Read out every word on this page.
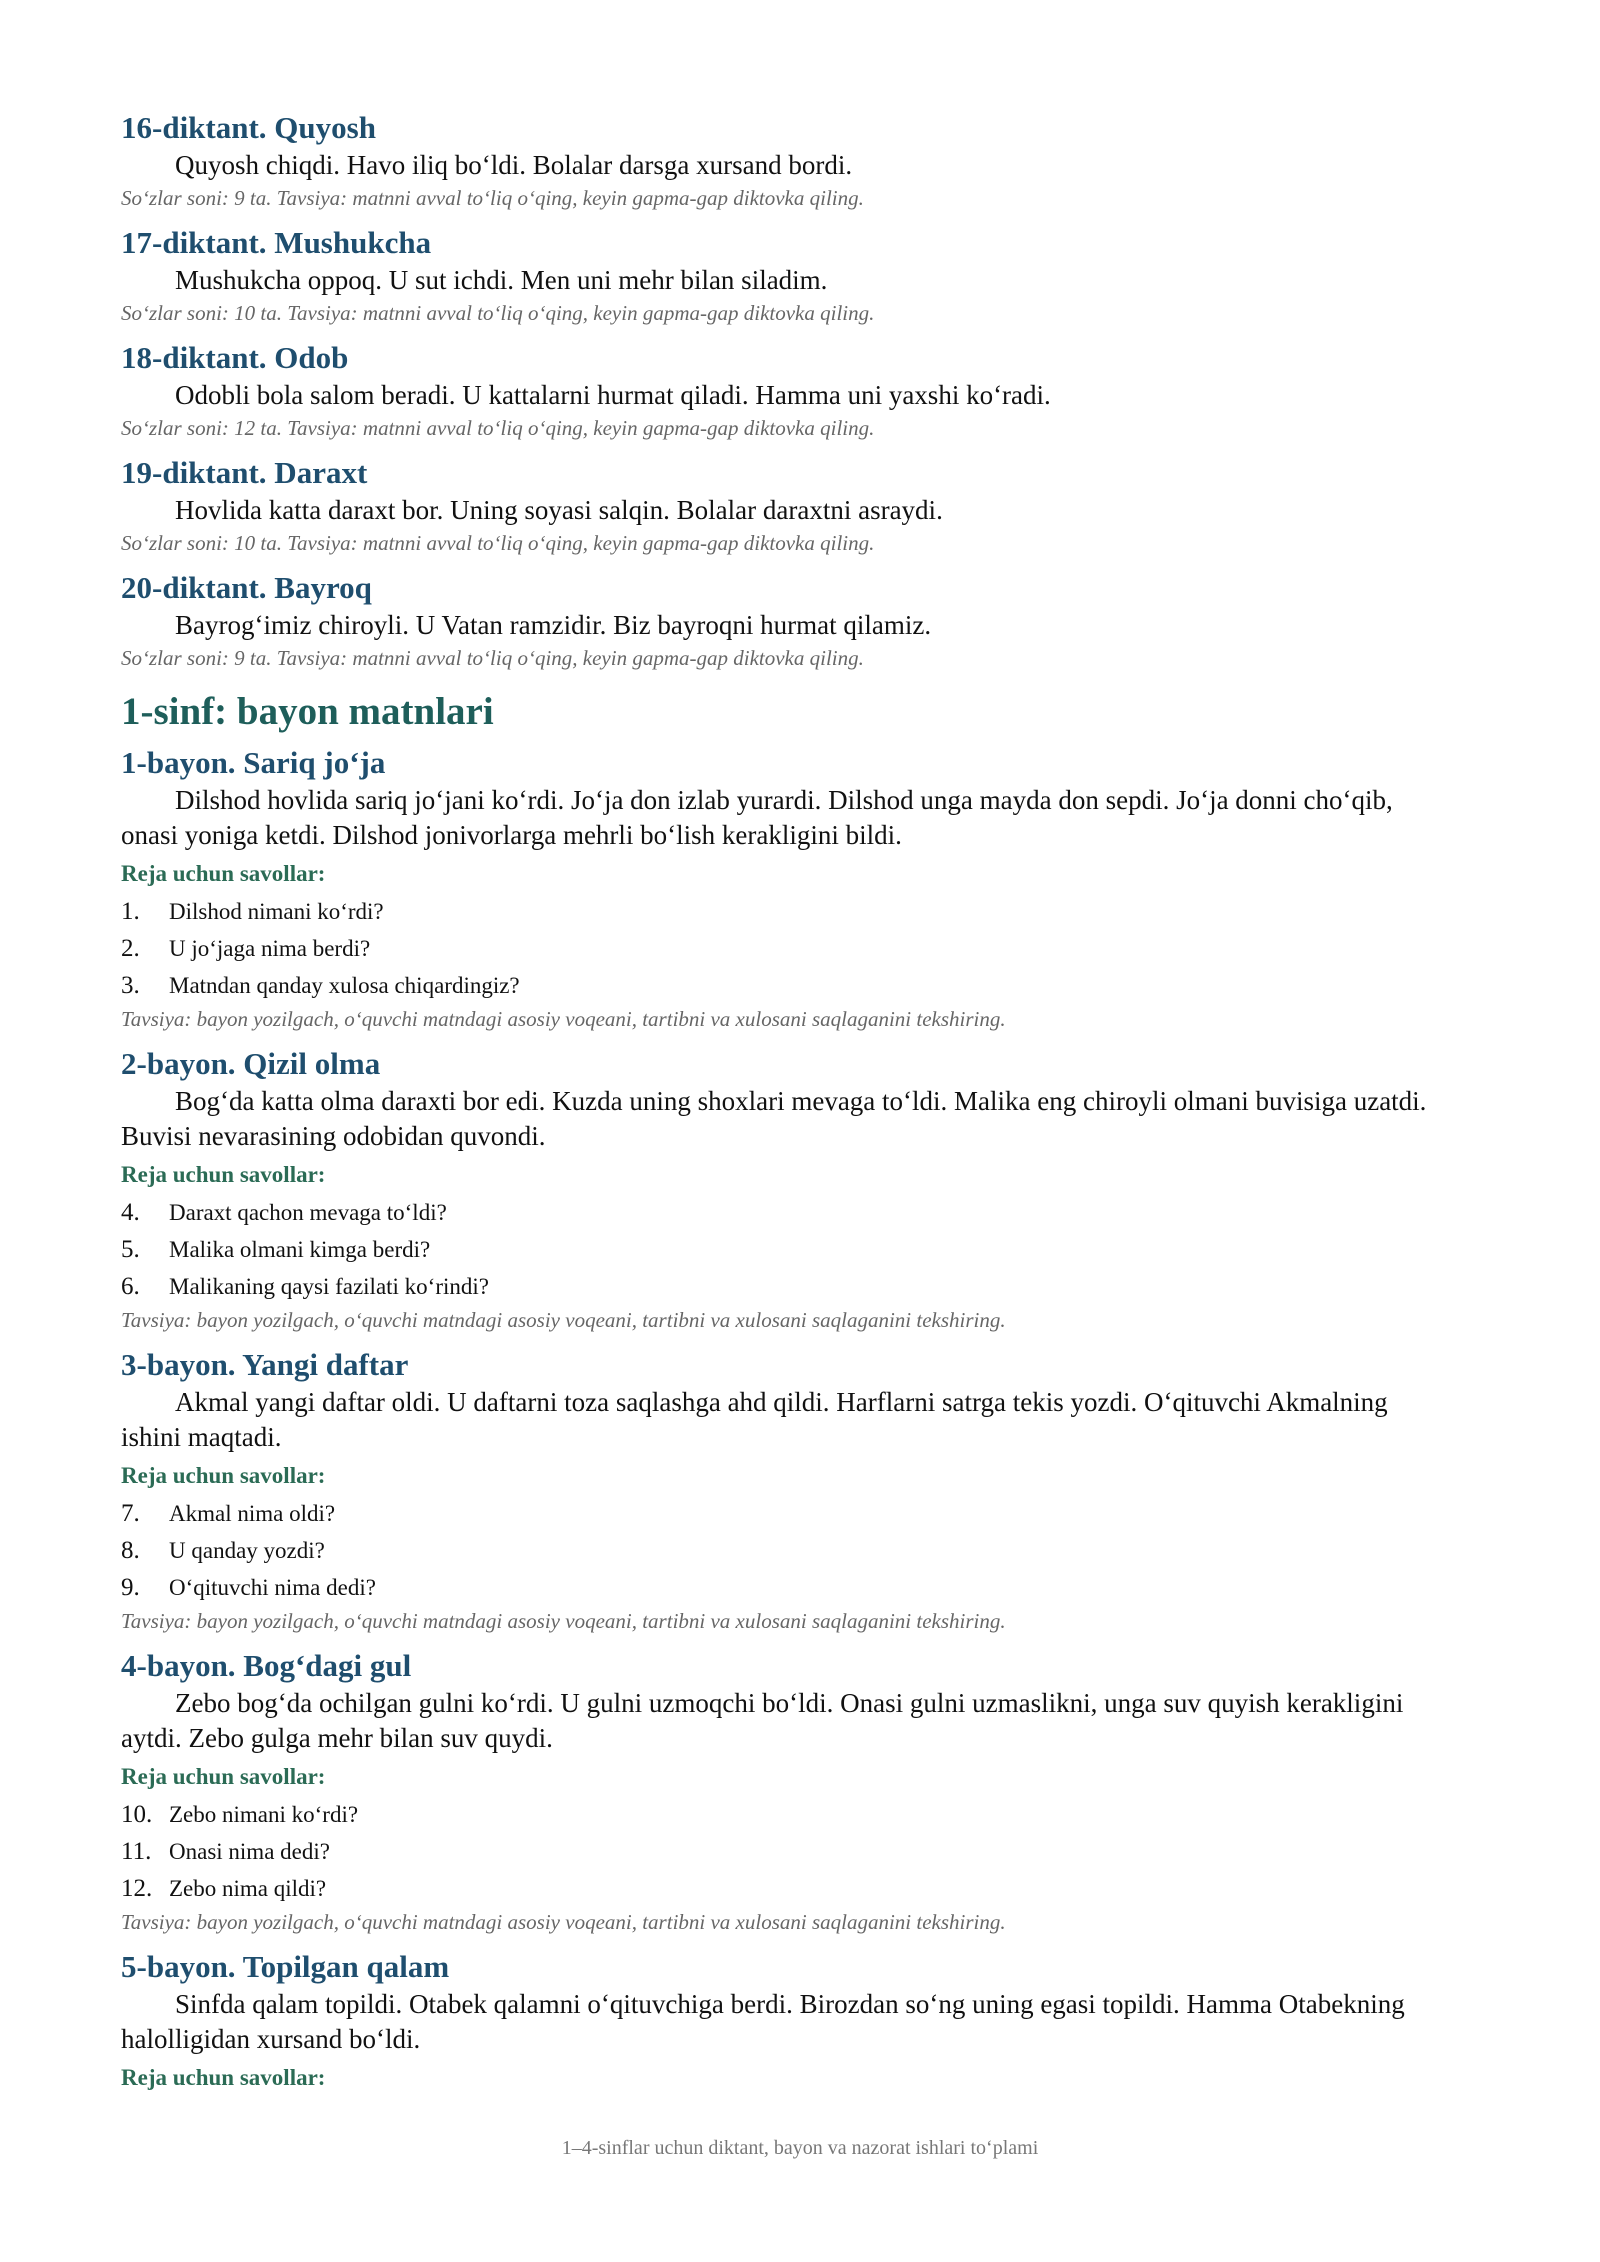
16-diktant. Quyosh

Quyosh chiqdi. Havo iliq bo‘ldi. Bolalar darsga xursand bordi.

So‘zlar soni: 9 ta. Tavsiya: matnni avval to‘liq o‘qing, keyin gapma-gap diktovka qiling.

17-diktant. Mushukcha

Mushukcha oppoq. U sut ichdi. Men uni mehr bilan siladim.

So‘zlar soni: 10 ta. Tavsiya: matnni avval to‘liq o‘qing, keyin gapma-gap diktovka qiling.

18-diktant. Odob

Odobli bola salom beradi. U kattalarni hurmat qiladi. Hamma uni yaxshi ko‘radi.

So‘zlar soni: 12 ta. Tavsiya: matnni avval to‘liq o‘qing, keyin gapma-gap diktovka qiling.

19-diktant. Daraxt

Hovlida katta daraxt bor. Uning soyasi salqin. Bolalar daraxtni asraydi.

So‘zlar soni: 10 ta. Tavsiya: matnni avval to‘liq o‘qing, keyin gapma-gap diktovka qiling.

20-diktant. Bayroq

Bayrog‘imiz chiroyli. U Vatan ramzidir. Biz bayroqni hurmat qilamiz.

So‘zlar soni: 9 ta. Tavsiya: matnni avval to‘liq o‘qing, keyin gapma-gap diktovka qiling.

1-sinf: bayon matnlari
1-bayon. Sariq jo‘ja

Dilshod hovlida sariq jo‘jani ko‘rdi. Jo‘ja don izlab yurardi. Dilshod unga mayda don sepdi. Jo‘ja donni cho‘qib, onasi yoniga ketdi. Dilshod jonivorlarga mehrli bo‘lish kerakligini bildi.

Reja uchun savollar:
1.	Dilshod nimani ko‘rdi?
2.	U jo‘jaga nima berdi?
3.	Matndan qanday xulosa chiqardingiz?

Tavsiya: bayon yozilgach, o‘quvchi matndagi asosiy voqeani, tartibni va xulosani saqlaganini tekshiring.

2-bayon. Qizil olma

Bog‘da katta olma daraxti bor edi. Kuzda uning shoxlari mevaga to‘ldi. Malika eng chiroyli olmani buvisiga uzatdi. Buvisi nevarasining odobidan quvondi.

Reja uchun savollar:
4.	Daraxt qachon mevaga to‘ldi?
5.	Malika olmani kimga berdi?
6.	Malikaning qaysi fazilati ko‘rindi?

Tavsiya: bayon yozilgach, o‘quvchi matndagi asosiy voqeani, tartibni va xulosani saqlaganini tekshiring.

3-bayon. Yangi daftar

Akmal yangi daftar oldi. U daftarni toza saqlashga ahd qildi. Harflarni satrga tekis yozdi. O‘qituvchi Akmalning ishini maqtadi.

Reja uchun savollar:
7.	Akmal nima oldi?
8.	U qanday yozdi?
9.	O‘qituvchi nima dedi?

Tavsiya: bayon yozilgach, o‘quvchi matndagi asosiy voqeani, tartibni va xulosani saqlaganini tekshiring.

4-bayon. Bog‘dagi gul

Zebo bog‘da ochilgan gulni ko‘rdi. U gulni uzmoqchi bo‘ldi. Onasi gulni uzmaslikni, unga suv quyish kerakligini aytdi. Zebo gulga mehr bilan suv quydi.

Reja uchun savollar:
10. Zebo nimani ko‘rdi?
11. Onasi nima dedi?
12. Zebo nima qildi?

Tavsiya: bayon yozilgach, o‘quvchi matndagi asosiy voqeani, tartibni va xulosani saqlaganini tekshiring.

5-bayon. Topilgan qalam

Sinfda qalam topildi. Otabek qalamni o‘qituvchiga berdi. Birozdan so‘ng uning egasi topildi. Hamma Otabekning halolligidan xursand bo‘ldi.

Reja uchun savollar:
1–4-sinflar uchun diktant, bayon va nazorat ishlari to‘plami
